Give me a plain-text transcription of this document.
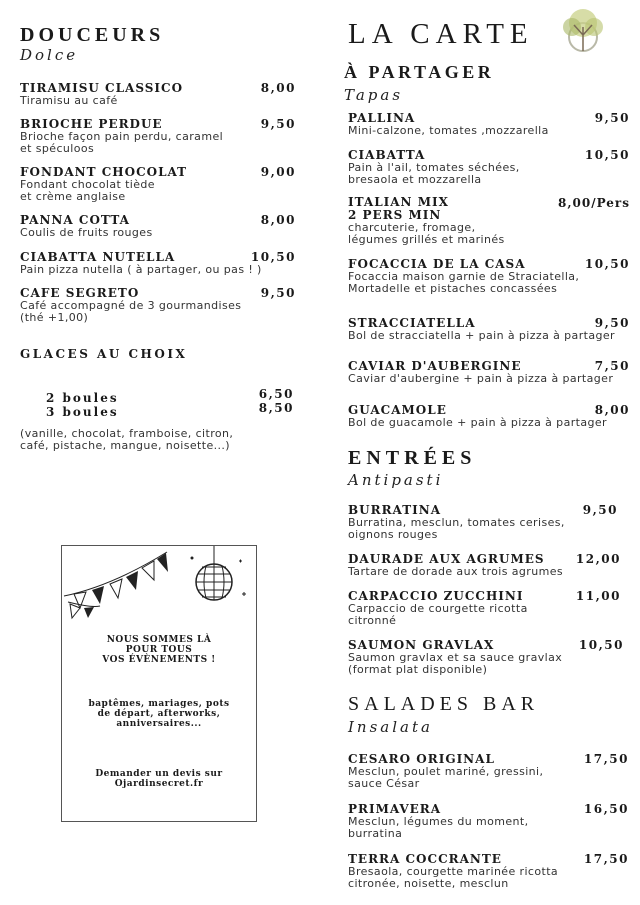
DOUCEURS
Dolce
TIRAMISU CLASSICO
Tiramisu au café
8,00
BRIOCHE PERDUE
Brioche façon pain perdu, caramel
et spéculoos
9,50
FONDANT CHOCOLAT
Fondant chocolat tiède
et crème anglaise
9,00
PANNA COTTA
Coulis de fruits rouges
8,00
CIABATTA NUTELLA
Pain pizza nutella ( à partager, ou pas ! )
10,50
CAFE SEGRETO
Café accompagné de 3 gourmandises
(thé +1,00)
9,50
GLACES AU CHOIX
2 boules	6,50
3 boules	8,50
(vanille, chocolat, framboise, citron,
café, pistache, mangue, noisette...)
NOUS SOMMES LÀ
POUR TOUS
VOS ÉVÈNEMENTS !
baptêmes, mariages, pots
de départ, afterworks,
anniversaires...
Demander un devis sur
Ojardinsecret.fr
LA CARTE
À PARTAGER
Tapas
PALLINA
Mini-calzone, tomates ,mozzarella
9,50
CIABATTA
Pain à l'ail, tomates séchées,
bresaola et mozzarella
10,50
ITALIAN MIX
2 PERS MIN
charcuterie, fromage,
légumes grillés et marinés
8,00/Pers
FOCACCIA DE LA CASA
Focaccia maison garnie de Straciatella,
Mortadelle et pistaches concassées
10,50
STRACCIATELLA
Bol de stracciatella + pain à pizza à partager
9,50
CAVIAR D'AUBERGINE
Caviar d'aubergine + pain à pizza à partager
7,50
GUACAMOLE
Bol de guacamole + pain à pizza à partager
8,00
ENTRÉES
Antipasti
BURRATINA
Burratina, mesclun, tomates cerises,
oignons rouges
9,50
DAURADE AUX AGRUMES
Tartare de dorade aux trois agrumes
12,00
CARPACCIO ZUCCHINI
Carpaccio de courgette ricotta
citronné
11,00
SAUMON GRAVLAX
Saumon gravlax et sa sauce gravlax
(format plat disponible)
10,50
SALADES BAR
Insalata
CESARO ORIGINAL
Mesclun, poulet mariné, gressini,
sauce César
17,50
PRIMAVERA
Mesclun, légumes du moment,
burratina
16,50
TERRA COCCRANTE
Bresaola, courgette marinée ricotta
citronée, noisette, mesclun
17,50
